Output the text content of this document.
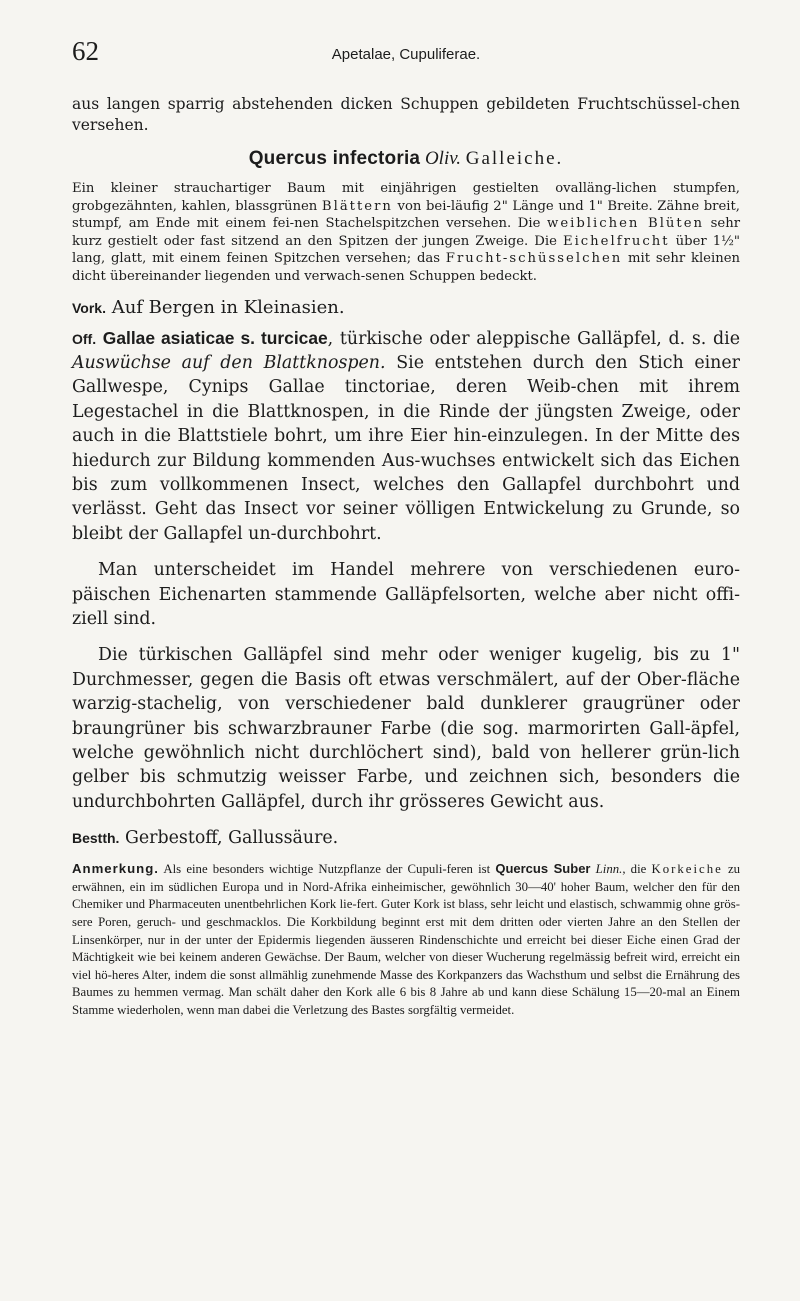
62	Apetalae, Cupuliferae.

aus langen sparrig abstehenden dicken Schuppen gebildeten Fruchtschüssel-chen versehen.

Quercus infectoria Oliv. Galleiche.

Ein kleiner strauchartiger Baum mit einjährigen gestielten ovalläng-lichen stumpfen, grobgezähnten, kahlen, blassgrünen Blättern von bei-läufig 2" Länge und 1" Breite. Zähne breit, stumpf, am Ende mit einem fei-nen Stachelspitzchen versehen. Die weiblichen Blüten sehr kurz gestielt oder fast sitzend an den Spitzen der jungen Zweige. Die Eichelfrucht über 1½" lang, glatt, mit einem feinen Spitzchen versehen; das Frucht-schüsselchen mit sehr kleinen dicht übereinander liegenden und verwach-senen Schuppen bedeckt.

Vork. Auf Bergen in Kleinasien.

Off. Gallae asiaticae s. turcicae, türkische oder aleppische Galläpfel, d. s. die Auswüchse auf den Blattknospen. Sie entstehen durch den Stich einer Gallwespe, Cynips Gallae tinctoriae, deren Weib-chen mit ihrem Legestachel in die Blattknospen, in die Rinde der jüngsten Zweige, oder auch in die Blattstiele bohrt, um ihre Eier hin-einzulegen. In der Mitte des hiedurch zur Bildung kommenden Aus-wuchses entwickelt sich das Eichen bis zum vollkommenen Insect, welches den Gallapfel durchbohrt und verlässt. Geht das Insect vor seiner völligen Entwickelung zu Grunde, so bleibt der Gallapfel un-durchbohrt.

Man unterscheidet im Handel mehrere von verschiedenen euro-päischen Eichenarten stammende Galläpfelsorten, welche aber nicht offi-ziell sind.

Die türkischen Galläpfel sind mehr oder weniger kugelig, bis zu 1" Durchmesser, gegen die Basis oft etwas verschmälert, auf der Ober-fläche warzig-stachelig, von verschiedener bald dunklerer graugrüner oder braungrüner bis schwarzbrauner Farbe (die sog. marmorirten Gall-äpfel, welche gewöhnlich nicht durchlöchert sind), bald von hellerer grün-lich gelber bis schmutzig weisser Farbe, und zeichnen sich, besonders die undurchbohrten Galläpfel, durch ihr grösseres Gewicht aus.

Bestth. Gerbestoff, Gallussäure.

Anmerkung. Als eine besonders wichtige Nutzpflanze der Cupuli-feren ist Quercus Suber Linn., die Korkeiche zu erwähnen, ein im südlichen Europa und in Nord-Afrika einheimischer, gewöhnlich 30—40' hoher Baum, welcher den für den Chemiker und Pharmaceuten unentbehrlichen Kork lie-fert. Guter Kork ist blass, sehr leicht und elastisch, schwammig ohne grös-sere Poren, geruch- und geschmacklos. Die Korkbildung beginnt erst mit dem dritten oder vierten Jahre an den Stellen der Linsenkörper, nur in der unter der Epidermis liegenden äusseren Rindenschichte und erreicht bei dieser Eiche einen Grad der Mächtigkeit wie bei keinem anderen Gewächse. Der Baum, welcher von dieser Wucherung regelmässig befreit wird, erreicht ein viel hö-heres Alter, indem die sonst allmählig zunehmende Masse des Korkpanzers das Wachsthum und selbst die Ernährung des Baumes zu hemmen vermag. Man schält daher den Kork alle 6 bis 8 Jahre ab und kann diese Schälung 15—20-mal an Einem Stamme wiederholen, wenn man dabei die Verletzung des Bastes sorgfältig vermeidet.
